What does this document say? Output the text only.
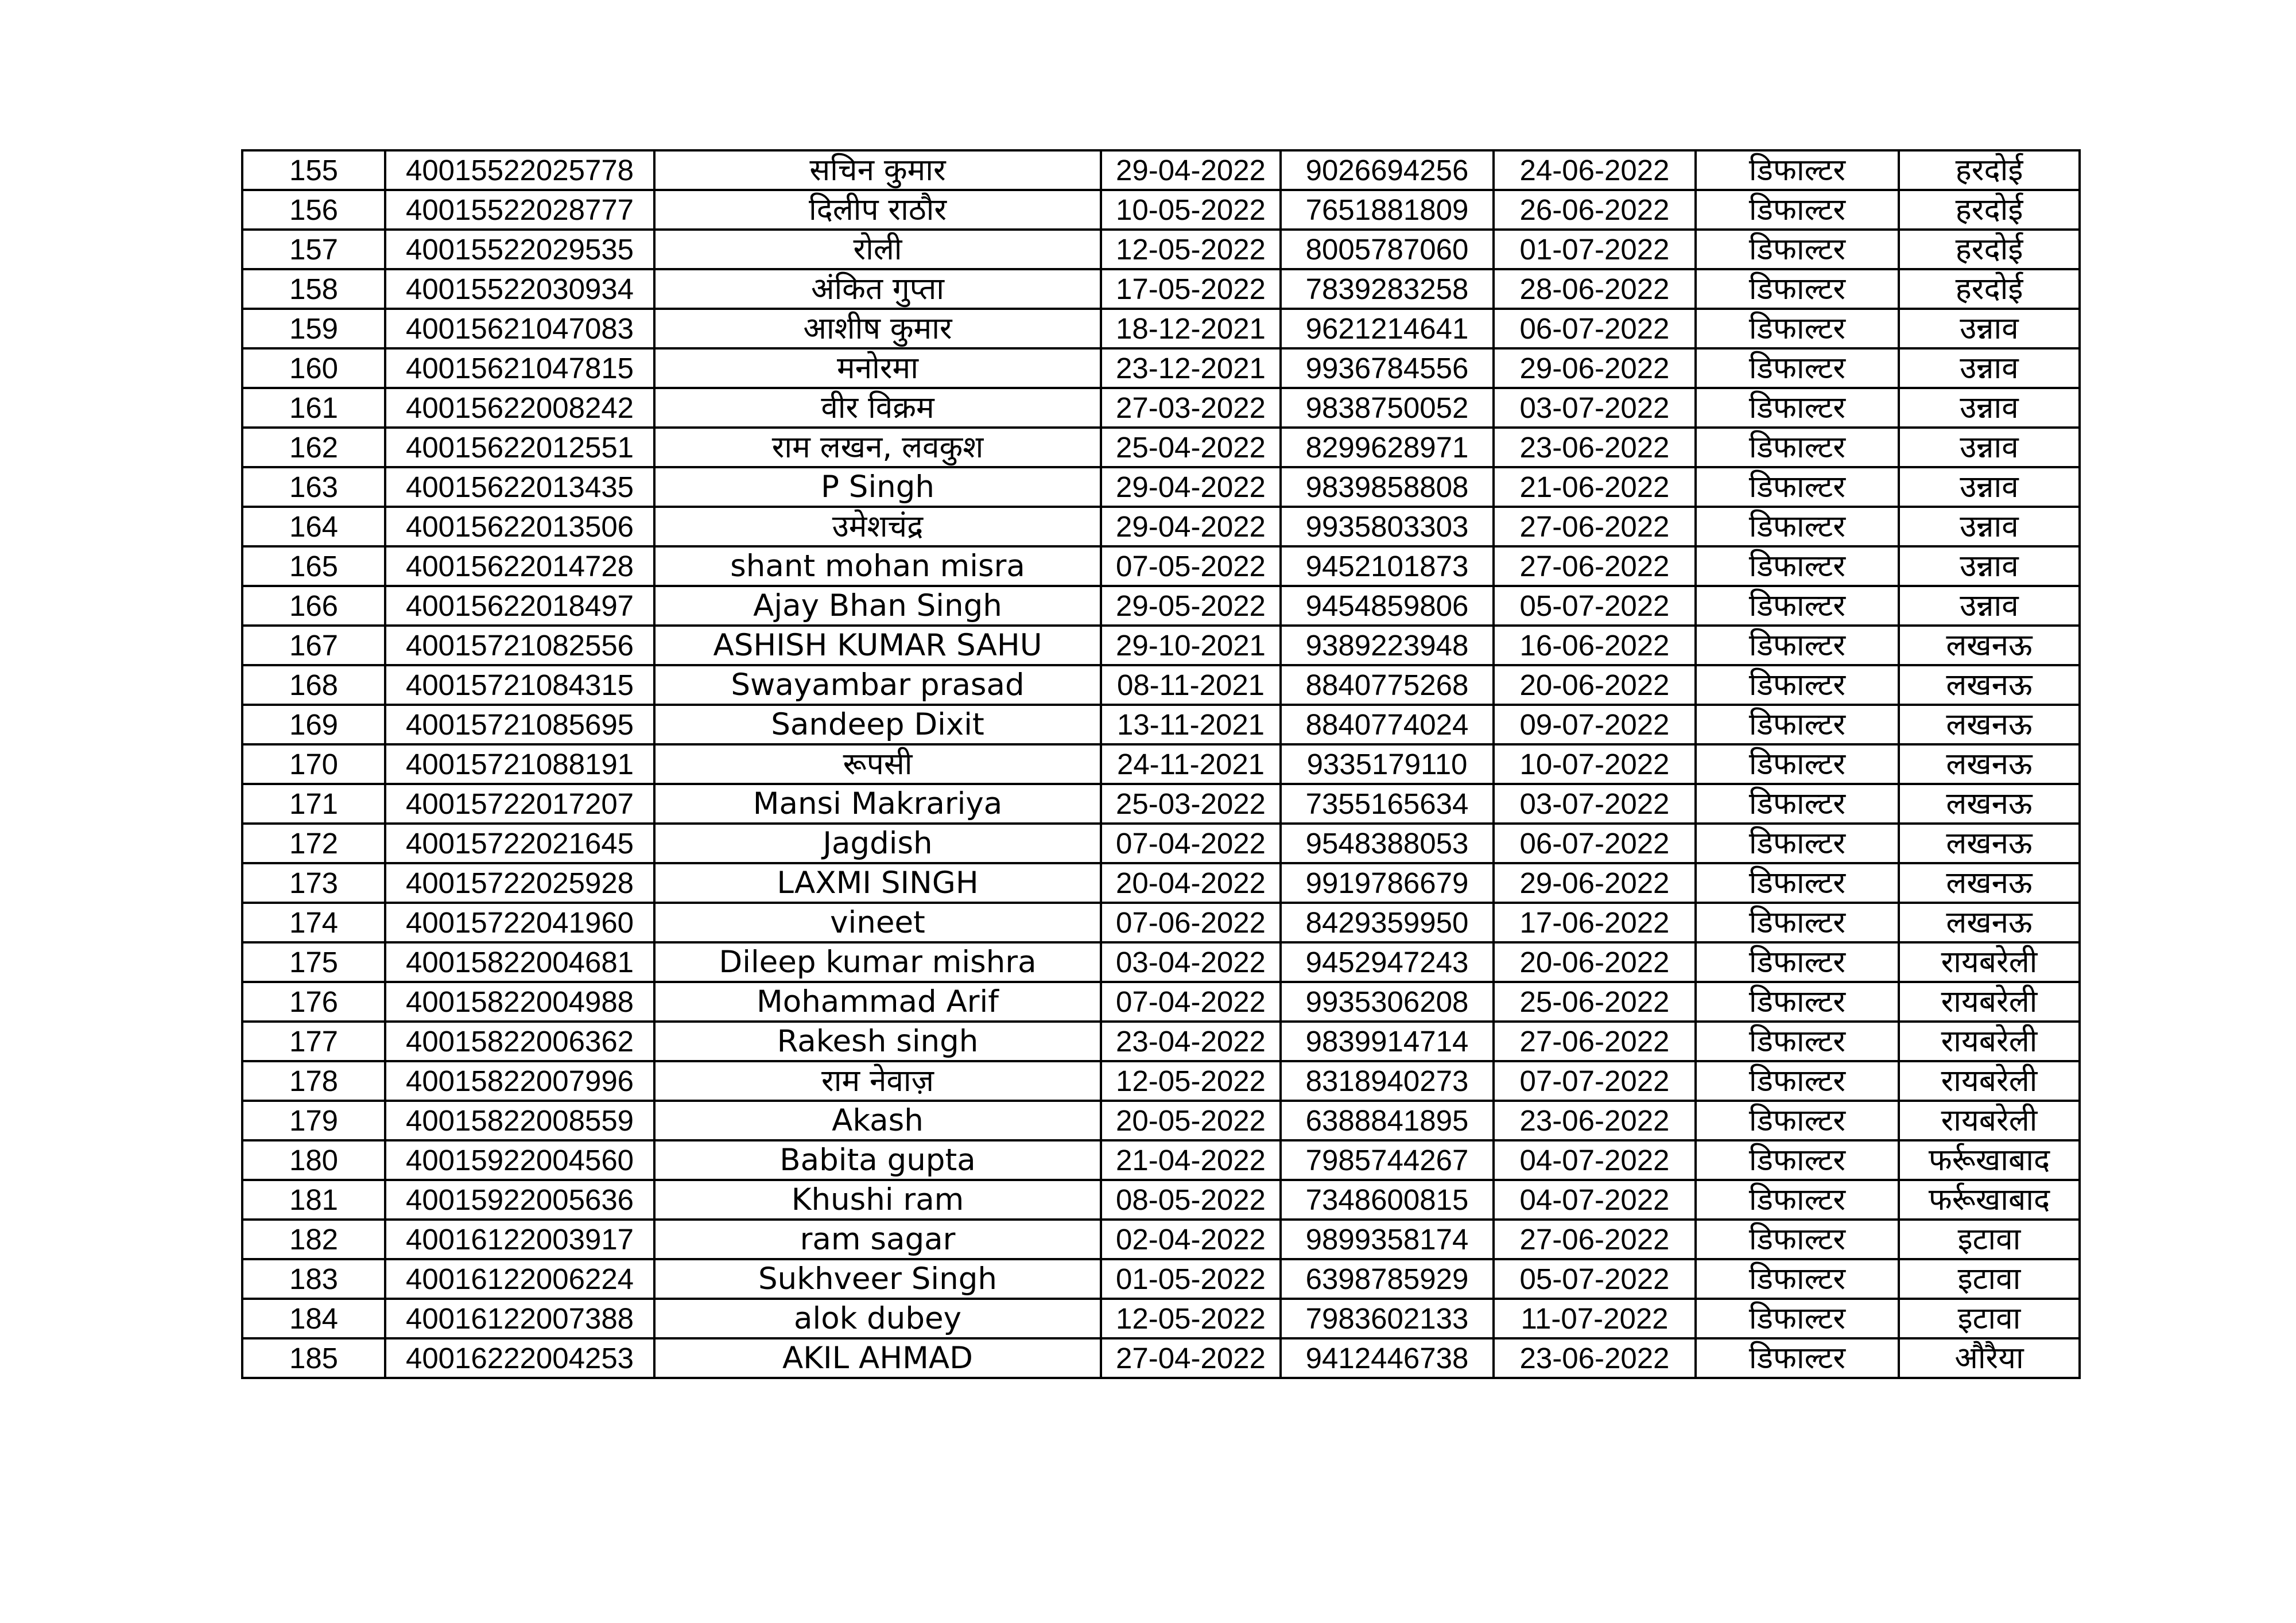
155	40015522025778	सचिन कुमार	29-04-2022	9026694256	24-06-2022	डिफाल्टर	हरदोई
156	40015522028777	दिलीप राठौर	10-05-2022	7651881809	26-06-2022	डिफाल्टर	हरदोई
157	40015522029535	रोली	12-05-2022	8005787060	01-07-2022	डिफाल्टर	हरदोई
158	40015522030934	अंकित गुप्ता	17-05-2022	7839283258	28-06-2022	डिफाल्टर	हरदोई
159	40015621047083	आशीष कुमार	18-12-2021	9621214641	06-07-2022	डिफाल्टर	उन्नाव
160	40015621047815	मनोरमा	23-12-2021	9936784556	29-06-2022	डिफाल्टर	उन्नाव
161	40015622008242	वीर विक्रम	27-03-2022	9838750052	03-07-2022	डिफाल्टर	उन्नाव
162	40015622012551	राम लखन, लवकुश	25-04-2022	8299628971	23-06-2022	डिफाल्टर	उन्नाव
163	40015622013435	P Singh	29-04-2022	9839858808	21-06-2022	डिफाल्टर	उन्नाव
164	40015622013506	उमेशचंद्र	29-04-2022	9935803303	27-06-2022	डिफाल्टर	उन्नाव
165	40015622014728	shant mohan misra	07-05-2022	9452101873	27-06-2022	डिफाल्टर	उन्नाव
166	40015622018497	Ajay Bhan Singh	29-05-2022	9454859806	05-07-2022	डिफाल्टर	उन्नाव
167	40015721082556	ASHISH KUMAR SAHU	29-10-2021	9389223948	16-06-2022	डिफाल्टर	लखनऊ
168	40015721084315	Swayambar prasad	08-11-2021	8840775268	20-06-2022	डिफाल्टर	लखनऊ
169	40015721085695	Sandeep Dixit	13-11-2021	8840774024	09-07-2022	डिफाल्टर	लखनऊ
170	40015721088191	रूपसी	24-11-2021	9335179110	10-07-2022	डिफाल्टर	लखनऊ
171	40015722017207	Mansi Makrariya	25-03-2022	7355165634	03-07-2022	डिफाल्टर	लखनऊ
172	40015722021645	Jagdish	07-04-2022	9548388053	06-07-2022	डिफाल्टर	लखनऊ
173	40015722025928	LAXMI SINGH	20-04-2022	9919786679	29-06-2022	डिफाल्टर	लखनऊ
174	40015722041960	vineet	07-06-2022	8429359950	17-06-2022	डिफाल्टर	लखनऊ
175	40015822004681	Dileep kumar mishra	03-04-2022	9452947243	20-06-2022	डिफाल्टर	रायबरेली
176	40015822004988	Mohammad Arif	07-04-2022	9935306208	25-06-2022	डिफाल्टर	रायबरेली
177	40015822006362	Rakesh singh	23-04-2022	9839914714	27-06-2022	डिफाल्टर	रायबरेली
178	40015822007996	राम नेवाज़	12-05-2022	8318940273	07-07-2022	डिफाल्टर	रायबरेली
179	40015822008559	Akash	20-05-2022	6388841895	23-06-2022	डिफाल्टर	रायबरेली
180	40015922004560	Babita gupta	21-04-2022	7985744267	04-07-2022	डिफाल्टर	फर्रूखाबाद
181	40015922005636	Khushi ram	08-05-2022	7348600815	04-07-2022	डिफाल्टर	फर्रूखाबाद
182	40016122003917	ram sagar	02-04-2022	9899358174	27-06-2022	डिफाल्टर	इटावा
183	40016122006224	Sukhveer Singh	01-05-2022	6398785929	05-07-2022	डिफाल्टर	इटावा
184	40016122007388	alok dubey	12-05-2022	7983602133	11-07-2022	डिफाल्टर	इटावा
185	40016222004253	AKIL AHMAD	27-04-2022	9412446738	23-06-2022	डिफाल्टर	औरैया
